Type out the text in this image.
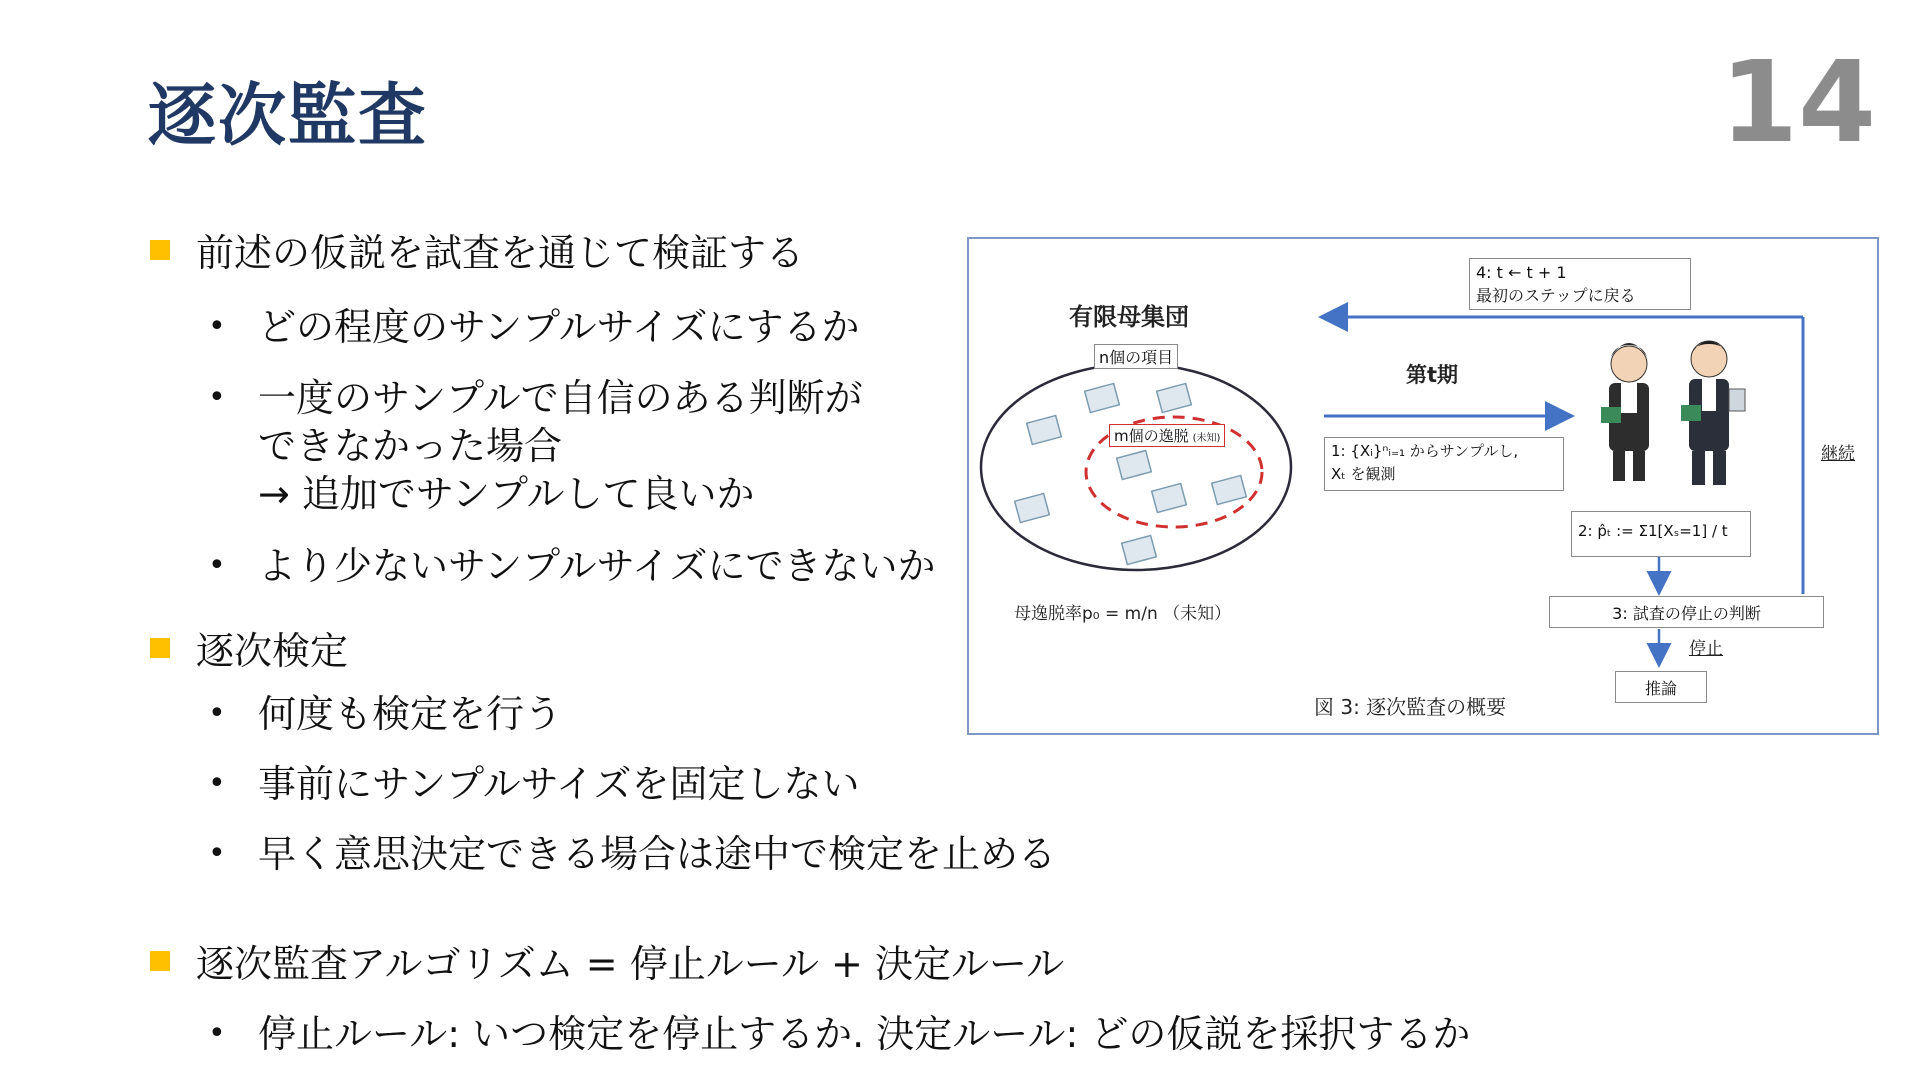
逐次監査	14
前述の仮説を試査を通じて検証する
• どの程度のサンプルサイズにするか
• 一度のサンプルで自信のある判断が
できなかった場合
→ 追加でサンプルして良いか
• より少ないサンプルサイズにできないか
逐次検定
• 何度も検定を行う
• 事前にサンプルサイズを固定しない
• 早く意思決定できる場合は途中で検定を止める
逐次監査アルゴリズム = 停止ルール + 決定ルール
• 停止ルール: いつ検定を停止するか. 決定ルール: どの仮説を採択するか
有限母集団
n個の項目
m個の逸脱 (未知)
母逸脱率p₀ = m/n （未知）
4: t ← t + 1
最初のステップに戻る
第t期
1: {Xᵢ}ⁿᵢ₌₁ からサンプルし,
Xₜ を観測
2: p̂ₜ := Σ1[Xₛ=1] / t
3: 試査の停止の判断
継続
停止
推論
図 3: 逐次監査の概要
